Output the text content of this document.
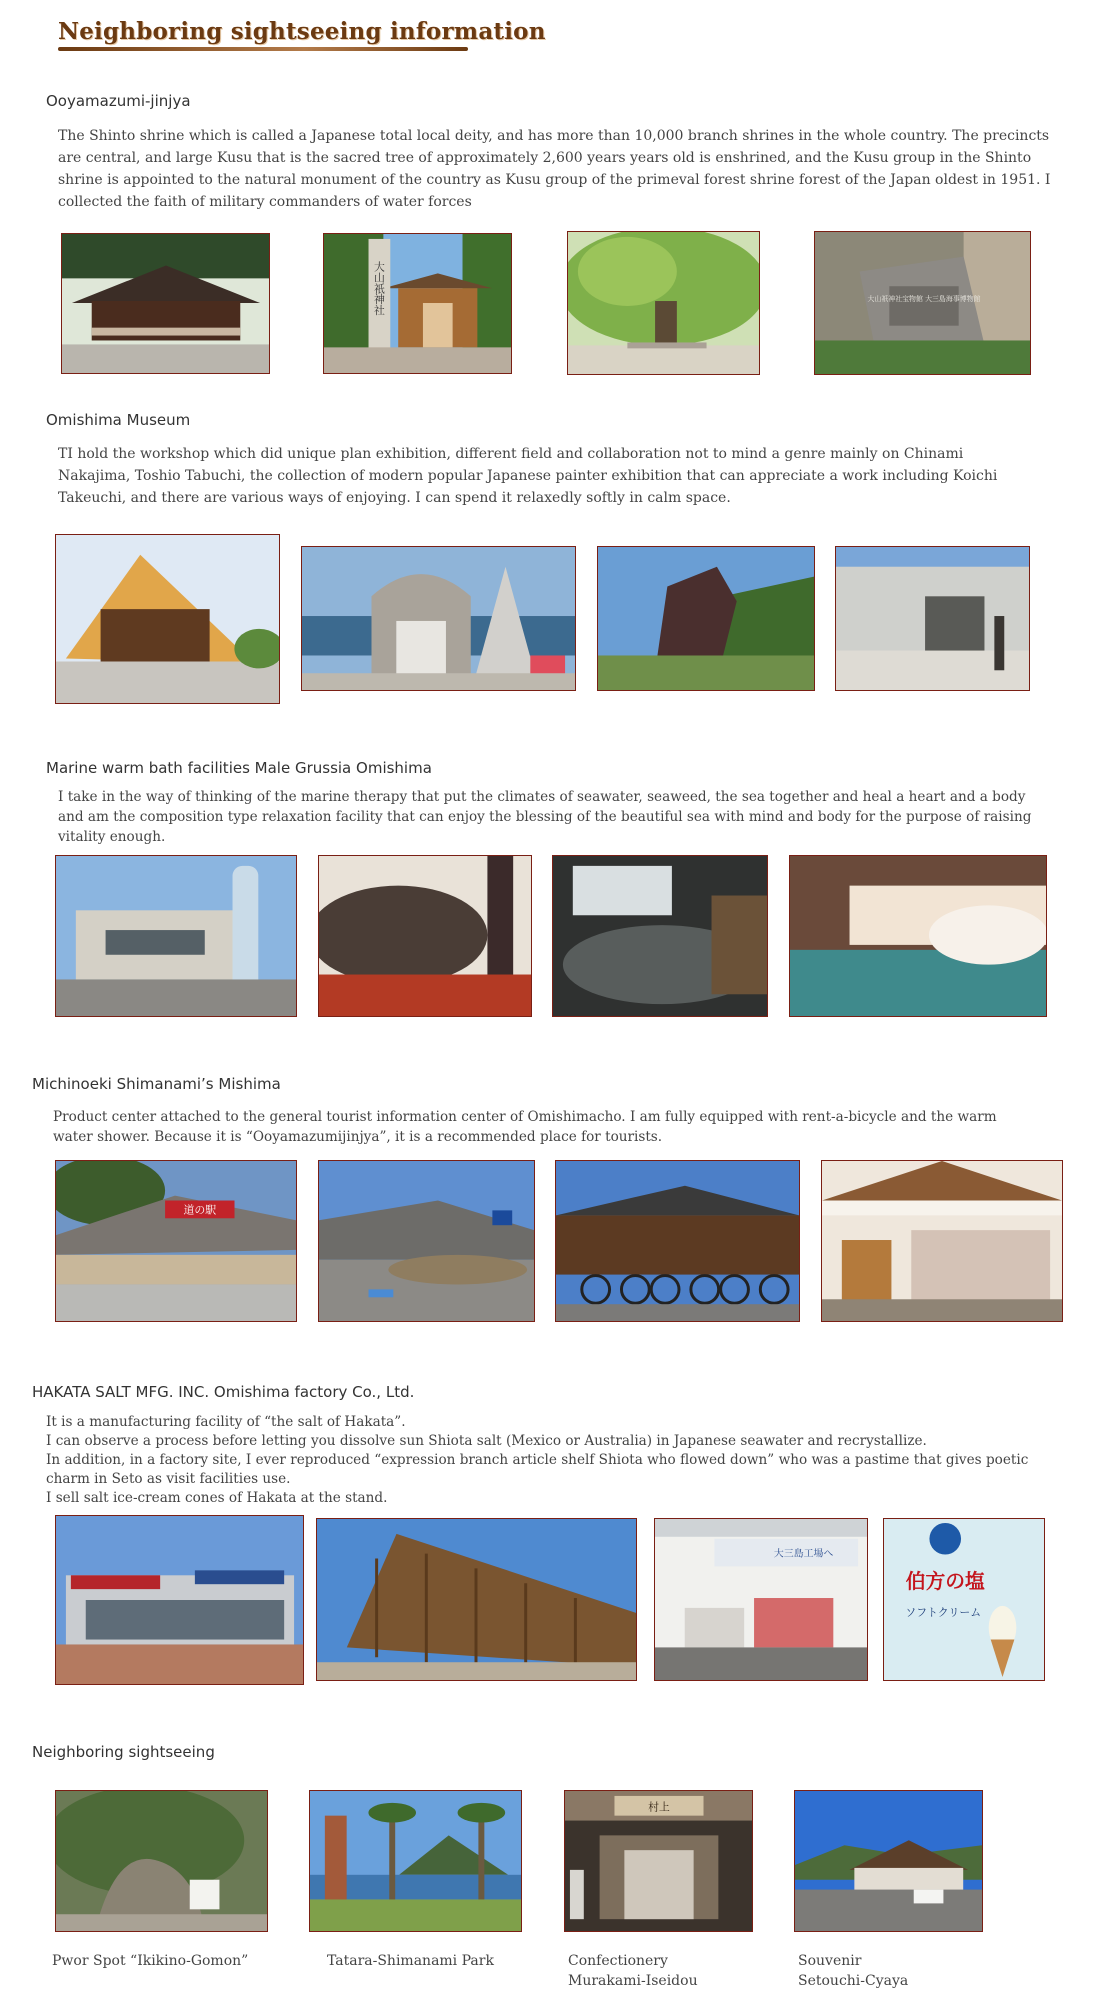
Neighboring sightseeing information
Ooyamazumi-jinjya

The Shinto shrine which is called a Japanese total local deity, and has more than 10,000 branch shrines in the whole country. The precincts are central, and large Kusu that is the sacred tree of approximately 2,600 years years old is enshrined, and the Kusu group in the Shinto shrine is appointed to the natural monument of the country as Kusu group of the primeval forest shrine forest of the Japan oldest in 1951. I collected the faith of military commanders of water forces

大山祇神社	大山祇神社宝物館 大三島海事博物館
Omishima Museum

TI hold the workshop which did unique plan exhibition, different field and collaboration not to mind a genre mainly on Chinami Nakajima, Toshio Tabuchi, the collection of modern popular Japanese painter exhibition that can appreciate a work including Koichi Takeuchi, and there are various ways of enjoying. I can spend it relaxedly softly in calm space.

Marine warm bath facilities Male Grussia Omishima

I take in the way of thinking of the marine therapy that put the climates of seawater, seaweed, the sea together and heal a heart and a body and am the composition type relaxation facility that can enjoy the blessing of the beautiful sea with mind and body for the purpose of raising vitality enough.

Michinoeki Shimanami’s Mishima

Product center attached to the general tourist information center of Omishimacho. I am fully equipped with rent-a-bicycle and the warm water shower. Because it is “Ooyamazumijinjya”, it is a recommended place for tourists.

道の駅
HAKATA SALT MFG. INC. Omishima factory Co., Ltd.

It is a manufacturing facility of “the salt of Hakata”.

I can observe a process before letting you dissolve sun Shiota salt (Mexico or Australia) in Japanese seawater and recrystallize.

In addition, in a factory site, I ever reproduced “expression branch article shelf Shiota who flowed down” who was a pastime that gives poetic charm in Seto as visit facilities use.

I sell salt ice-cream cones of Hakata at the stand.

大三島工場へ
伯方の塩
ソフトクリーム
Neighboring sightseeing
村上

Pwor Spot “Ikikino-Gomon”	Tatara-Shimanami Park	Confectionery
Murakami-Iseidou

Souvenir
Setouchi-Cyaya
